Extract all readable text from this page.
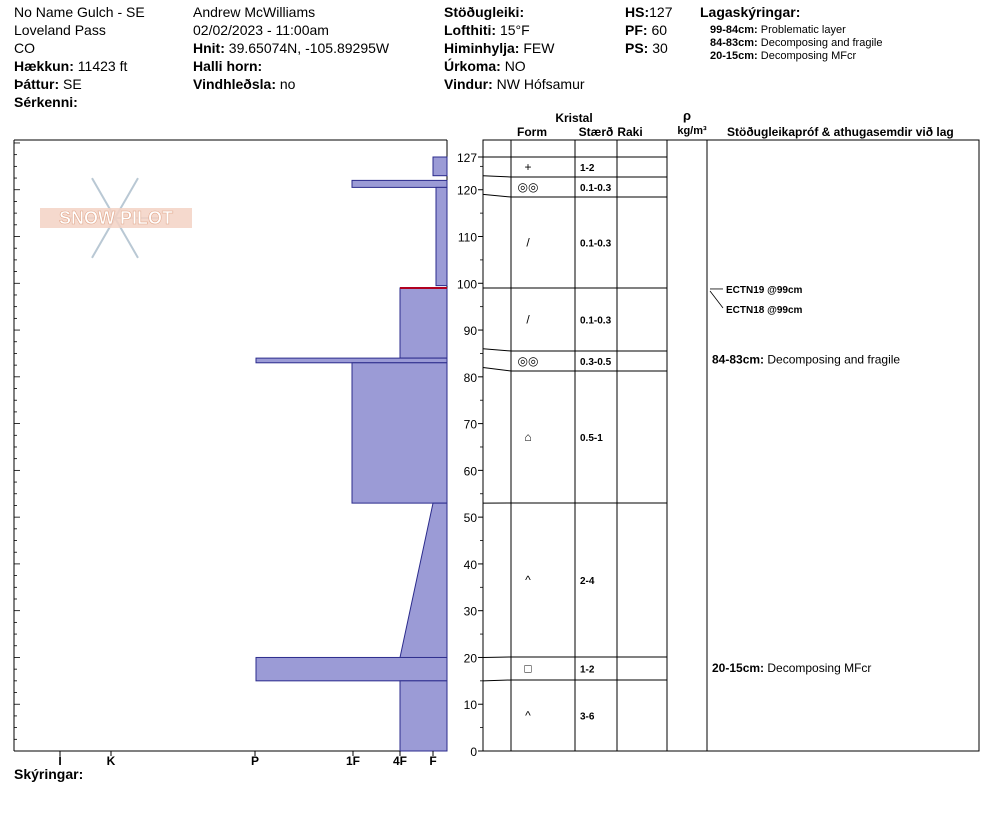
No Name Gulch - SE
Loveland Pass
CO
Hækkun: 11423 ft
Þáttur: SE
Sérkenni:
Andrew McWilliams
02/02/2023 - 11:00am
Hnit: 39.65074N, -105.89295W
Halli horn:
Vindhleðsla: no
Stöðugleiki:
Lofthiti: 15°F
Himinhylja: FEW
Úrkoma: NO
Vindur: NW Hófsamur
HS:127
PF: 60
PS: 30
Lagaskýringar:
99-84cm: Problematic layer
84-83cm: Decomposing and fragile
20-15cm: Decomposing MFcr
SNOW PILOT
I	K	P	1F	4F F
0
10
20
30
40
50
60
70
80
90
100
110
120
127
Kristal
Form	Stærð Raki
ρ
kg/m³ Stöðugleikapróf & athugasemdir við lag
+	1-2
◎◎	0.1-0.3
/	0.1-0.3
/	0.1-0.3
◎◎	0.3-0.5
⌂	0.5-1
^	2-4
□	1-2
^	3-6
ECTN19 @99cm
ECTN18 @99cm
84-83cm: Decomposing and fragile
20-15cm: Decomposing MFcr
Skýringar:
